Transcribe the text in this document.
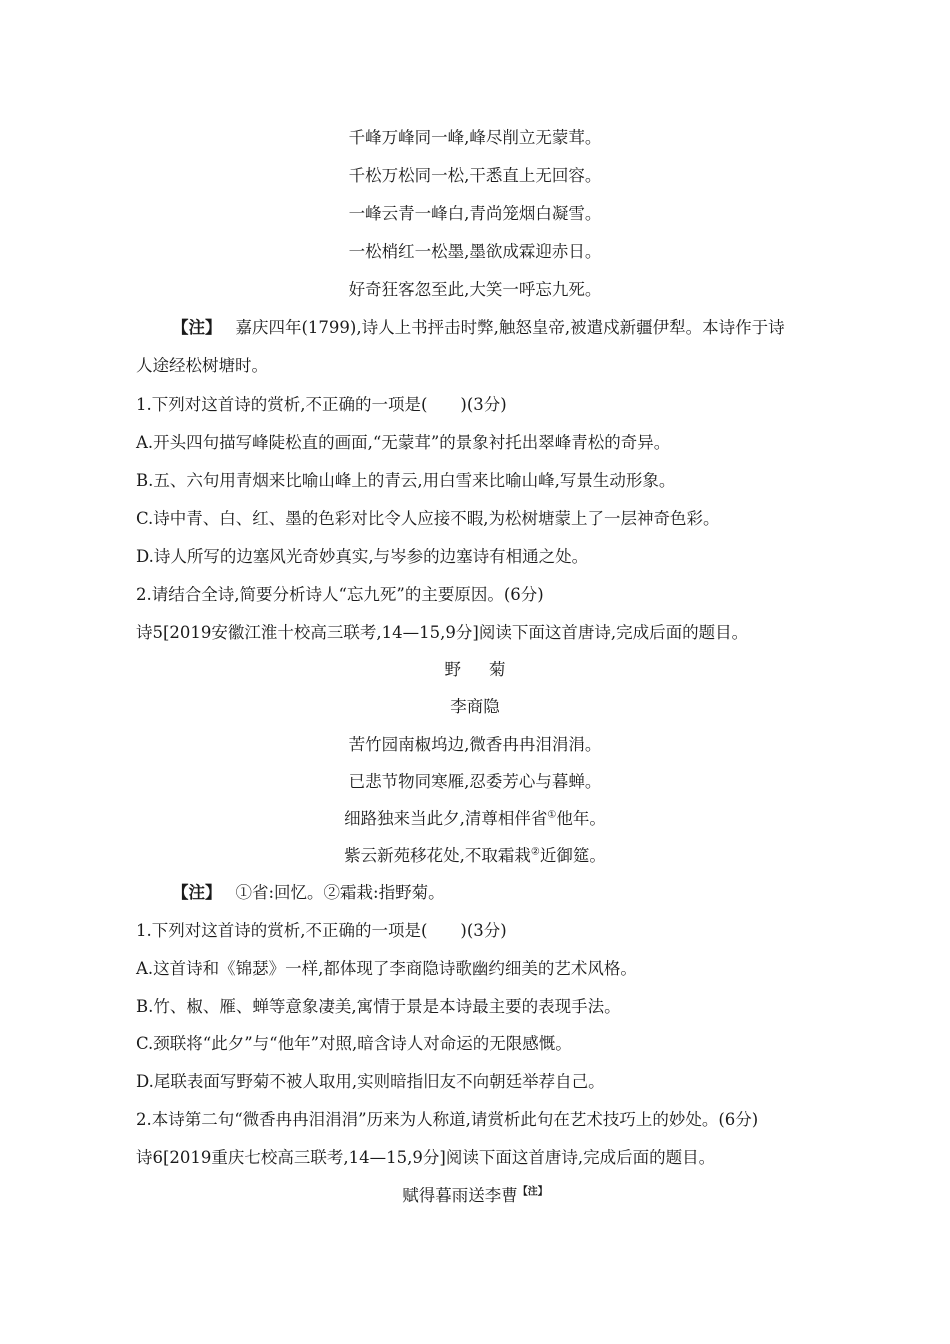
千峰万峰同一峰,峰尽削立无蒙茸。
千松万松同一松,干悉直上无回容。
一峰云青一峰白,青尚笼烟白凝雪。
一松梢红一松墨,墨欲成霖迎赤日。
好奇狂客忽至此,大笑一呼忘九死。
【注】 嘉庆四年(1799),诗人上书抨击时弊,触怒皇帝,被遣戍新疆伊犁。本诗作于诗
人途经松树塘时。
1.下列对这首诗的赏析,不正确的一项是(　　)(3分)
A.开头四句描写峰陡松直的画面,“无蒙茸”的景象衬托出翠峰青松的奇异。
B.五、六句用青烟来比喻山峰上的青云,用白雪来比喻山峰,写景生动形象。
C.诗中青、白、红、墨的色彩对比令人应接不暇,为松树塘蒙上了一层神奇色彩。
D.诗人所写的边塞风光奇妙真实,与岑参的边塞诗有相通之处。
2.请结合全诗,简要分析诗人“忘九死”的主要原因。(6分)
诗5[2019安徽江淮十校高三联考,14—15,9分]阅读下面这首唐诗,完成后面的题目。
野 菊
李商隐
苦竹园南椒坞边,微香冉冉泪涓涓。
已悲节物同寒雁,忍委芳心与暮蝉。
细路独来当此夕,清尊相伴省①他年。
紫云新苑移花处,不取霜栽②近御筵。
【注】 ①省:回忆。②霜栽:指野菊。
1.下列对这首诗的赏析,不正确的一项是(　　)(3分)
A.这首诗和《锦瑟》一样,都体现了李商隐诗歌幽约细美的艺术风格。
B.竹、椒、雁、蝉等意象凄美,寓情于景是本诗最主要的表现手法。
C.颈联将“此夕”与“他年”对照,暗含诗人对命运的无限感慨。
D.尾联表面写野菊不被人取用,实则暗指旧友不向朝廷举荐自己。
2.本诗第二句“微香冉冉泪涓涓”历来为人称道,请赏析此句在艺术技巧上的妙处。(6分)
诗6[2019重庆七校高三联考,14—15,9分]阅读下面这首唐诗,完成后面的题目。
赋得暮雨送李曹$^{【注】}$
